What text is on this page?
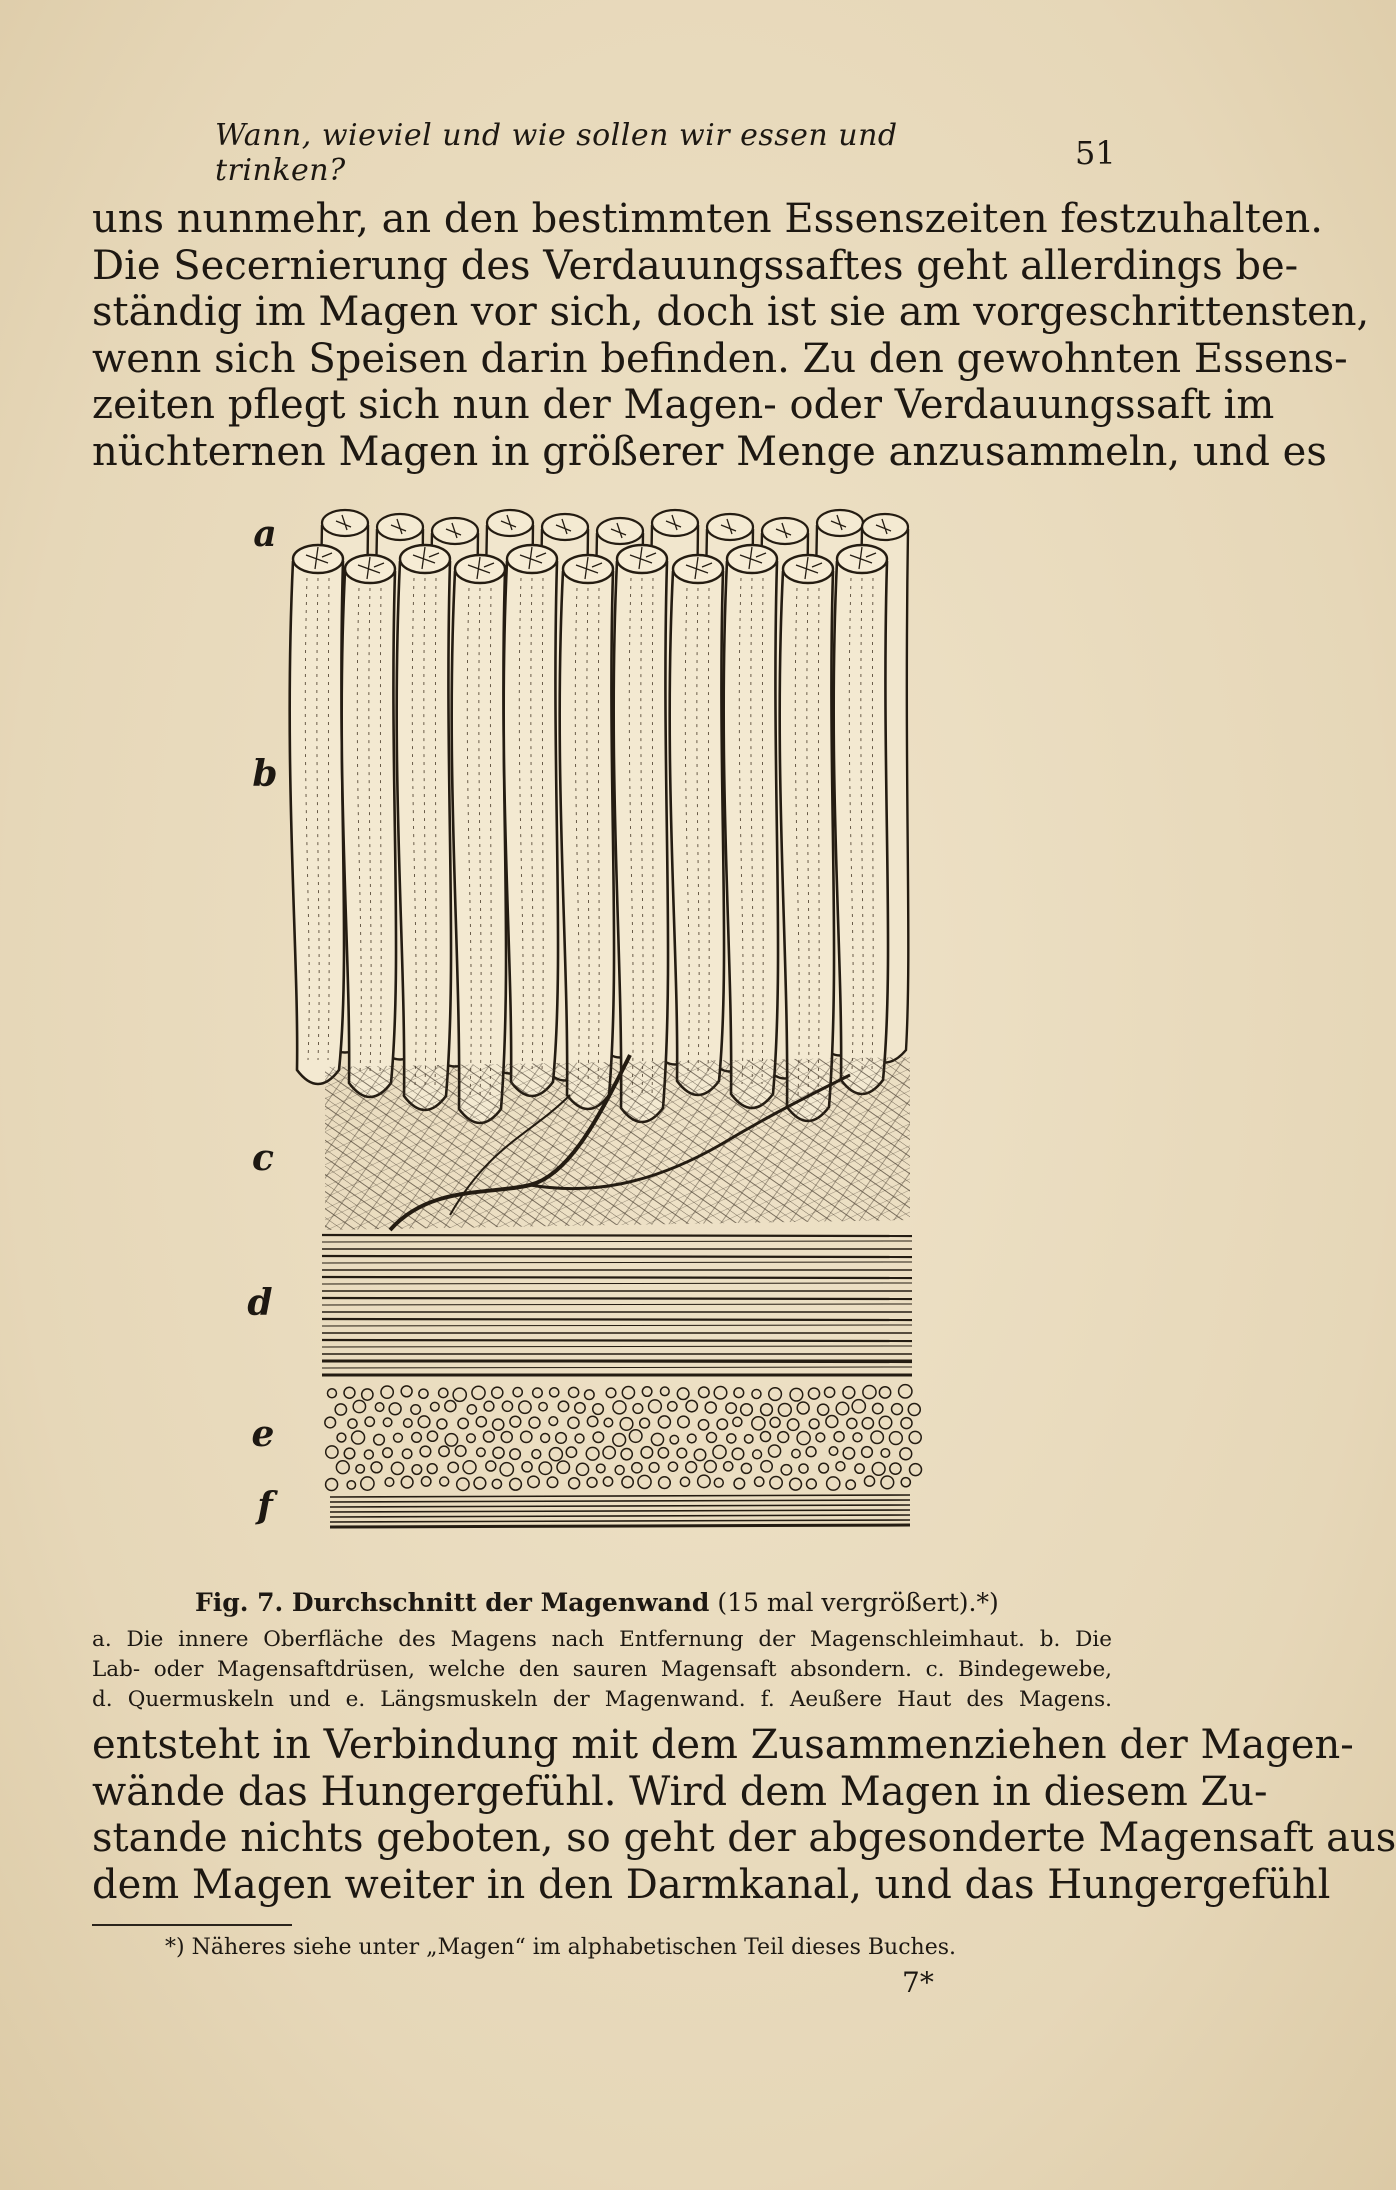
Wann, wieviel und wie sollen wir essen und trinken?	51
uns nunmehr, an den bestimmten Essenszeiten festzuhalten.
Die Secernierung des Verdauungssaftes geht allerdings be-
ständig im Magen vor sich, doch ist sie am vorgeschrittensten,
wenn sich Speisen darin befinden. Zu den gewohnten Essens-
zeiten pflegt sich nun der Magen- oder Verdauungssaft im
nüchternen Magen in größerer Menge anzusammeln, und es
a
b
c
d
e
f
Fig. 7. Durchschnitt der Magenwand (15 mal vergrößert).*)
a. Die innere Oberfläche des Magens nach Entfernung der Magenschleimhaut. b. Die
Lab- oder Magensaftdrüsen, welche den sauren Magensaft absondern. c. Bindegewebe,
d. Quermuskeln und e. Längsmuskeln der Magenwand. f. Aeußere Haut des Magens.
entsteht in Verbindung mit dem Zusammenziehen der Magen-
wände das Hungergefühl. Wird dem Magen in diesem Zu-
stande nichts geboten, so geht der abgesonderte Magensaft aus
dem Magen weiter in den Darmkanal, und das Hungergefühl
*) Näheres siehe unter „Magen“ im alphabetischen Teil dieses Buches.
7*
